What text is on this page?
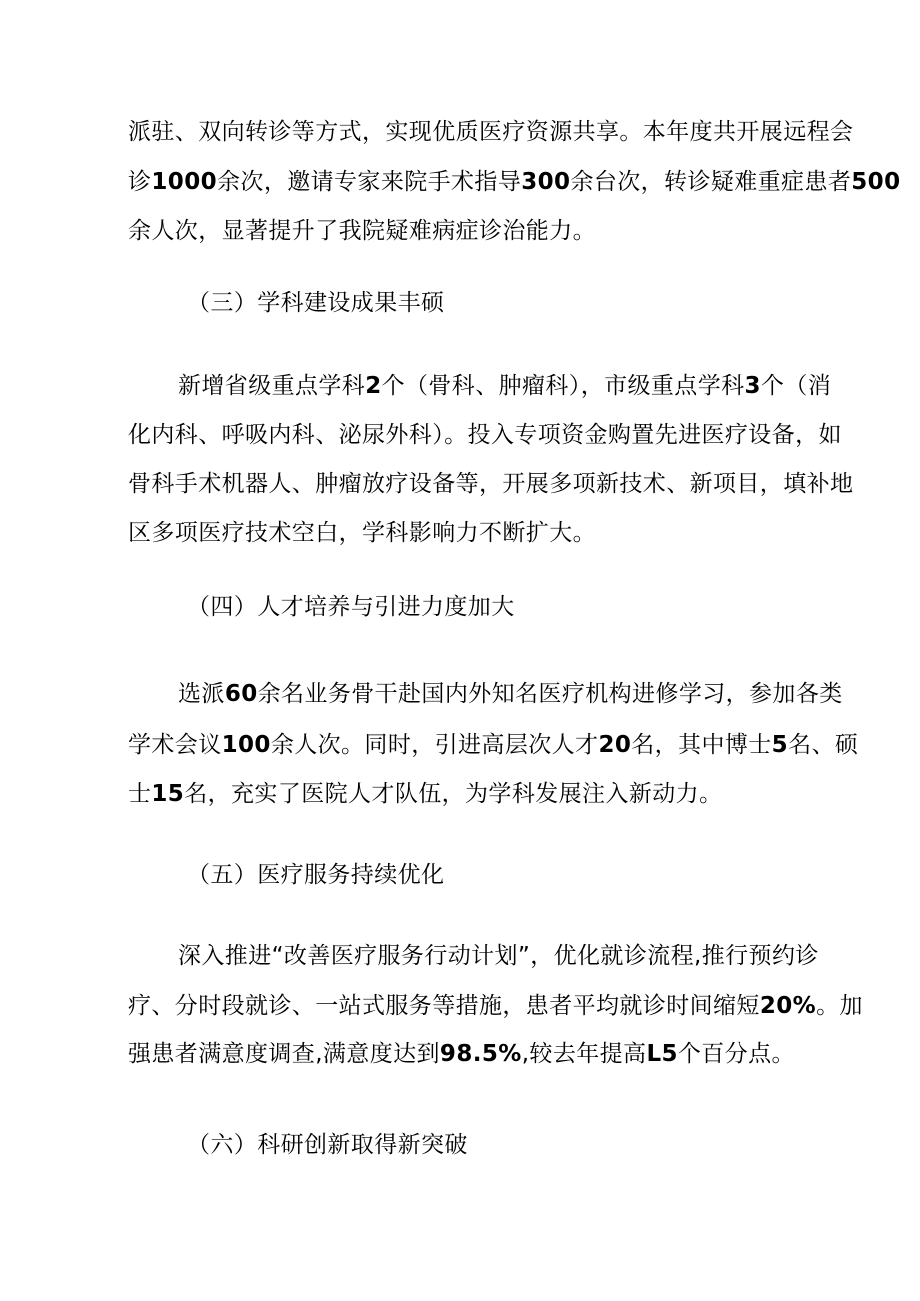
派驻、双向转诊等方式，实现优质医疗资源共享。本年度共开展远程会
诊1000余次，邀请专家来院手术指导300余台次，转诊疑难重症患者500
余人次，显著提升了我院疑难病症诊治能力。
（三）学科建设成果丰硕
新增省级重点学科2个（骨科、肿瘤科），市级重点学科3个（消
化内科、呼吸内科、泌尿外科）。投入专项资金购置先进医疗设备，如
骨科手术机器人、肿瘤放疗设备等，开展多项新技术、新项目，填补地
区多项医疗技术空白，学科影响力不断扩大。
（四）人才培养与引进力度加大
选派60余名业务骨干赴国内外知名医疗机构进修学习，参加各类
学术会议100余人次。同时，引进高层次人才20名，其中博士5名、硕
士15名，充实了医院人才队伍，为学科发展注入新动力。
（五）医疗服务持续优化
深入推进“改善医疗服务行动计划”，优化就诊流程,推行预约诊
疗、分时段就诊、一站式服务等措施，患者平均就诊时间缩短20%。加
强患者满意度调查,满意度达到98.5%,较去年提高L5个百分点。
（六）科研创新取得新突破
